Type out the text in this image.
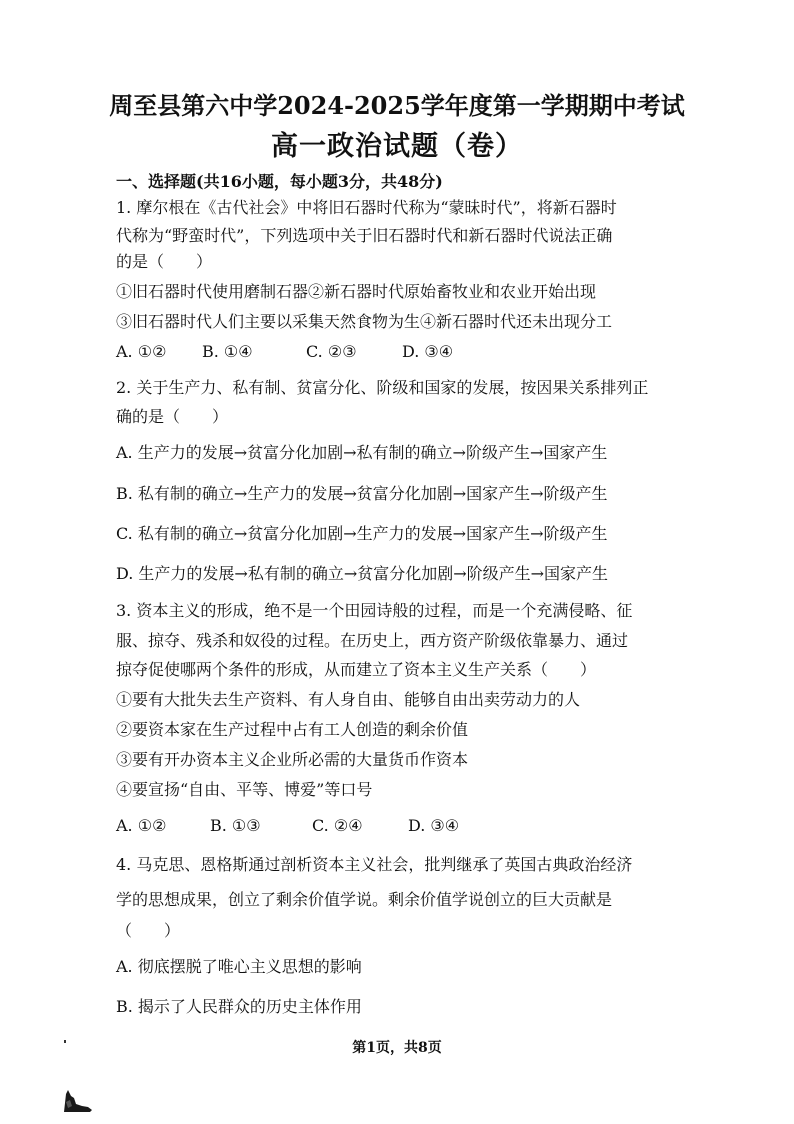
周至县第六中学2024-2025学年度第一学期期中考试
高一政治试题（卷）
一、选择题(共16小题，每小题3分，共48分)
1. 摩尔根在《古代社会》中将旧石器时代称为“蒙昧时代”，将新石器时
代称为“野蛮时代”，下列选项中关于旧石器时代和新石器时代说法正确
的是（　　）
①旧石器时代使用磨制石器②新石器时代原始畜牧业和农业开始出现
③旧石器时代人们主要以采集天然食物为生④新石器时代还未出现分工
A. ①② B. ①④	C. ②③	D. ③④
2. 关于生产力、私有制、贫富分化、阶级和国家的发展，按因果关系排列正
确的是（　　）
A. 生产力的发展→贫富分化加剧→私有制的确立→阶级产生→国家产生
B. 私有制的确立→生产力的发展→贫富分化加剧→国家产生→阶级产生
C. 私有制的确立→贫富分化加剧→生产力的发展→国家产生→阶级产生
D. 生产力的发展→私有制的确立→贫富分化加剧→阶级产生→国家产生
3. 资本主义的形成，绝不是一个田园诗般的过程，而是一个充满侵略、征
服、掠夺、残杀和奴役的过程。在历史上，西方资产阶级依靠暴力、通过
掠夺促使哪两个条件的形成，从而建立了资本主义生产关系（　　）
①要有大批失去生产资料、有人身自由、能够自由出卖劳动力的人
②要资本家在生产过程中占有工人创造的剩余价值
③要有开办资本主义企业所必需的大量货币作资本
④要宣扬“自由、平等、博爱”等口号
A. ①②	B. ①③	C. ②④	D. ③④
4. 马克思、恩格斯通过剖析资本主义社会，批判继承了英国古典政治经济
学的思想成果，创立了剩余价值学说。剩余价值学说创立的巨大贡献是
（　　）
A. 彻底摆脱了唯心主义思想的影响
B. 揭示了人民群众的历史主体作用
第1页，共8页
